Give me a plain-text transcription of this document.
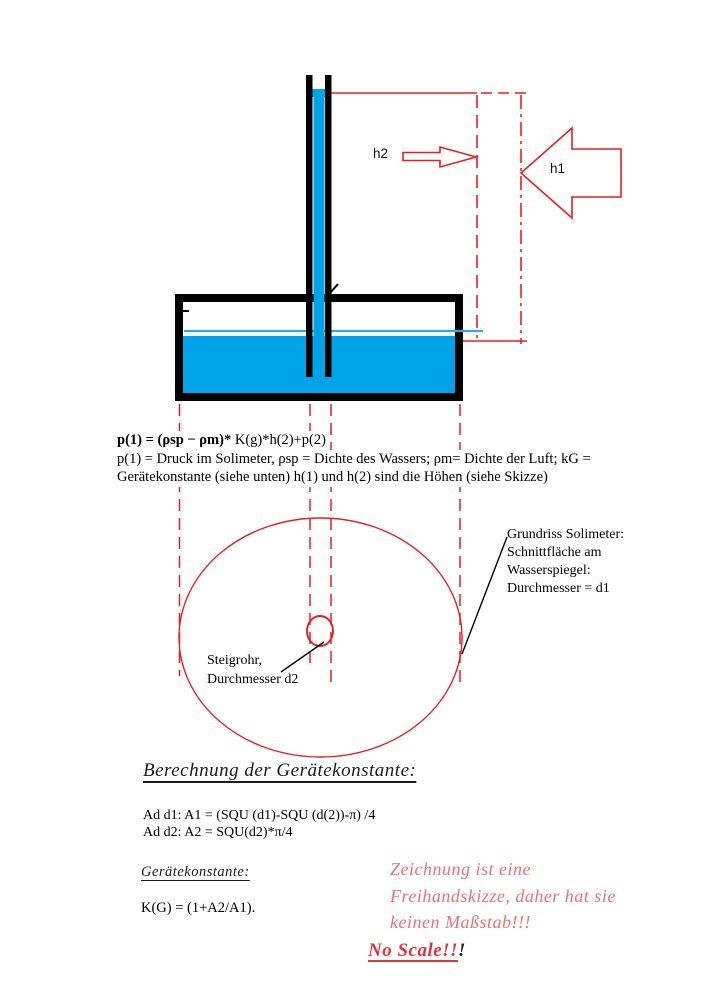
h2
h1
p(1) = (ρsp − ρm)* K(g)*h(2)+p(2)
p(1) = Druck im Solimeter, ρsp = Dichte des Wassers; ρm= Dichte der Luft; kG =
Gerätekonstante (siehe unten) h(1) und h(2) sind die Höhen (siehe Skizze)
Grundriss Solimeter:
Schnittfläche am
Wasserspiegel:
Durchmesser = d1
Steigrohr,
Durchmesser d2
Berechnung der Gerätekonstante:
Ad d1: A1 = (SQU (d1)-SQU (d(2))-π) /4
Ad d2: A2 = SQU(d2)*π/4
Gerätekonstante:
K(G) = (1+A2/A1).
Zeichnung ist eine
Freihandskizze, daher hat sie
keinen Maßstab!!!
No Scale!!!
